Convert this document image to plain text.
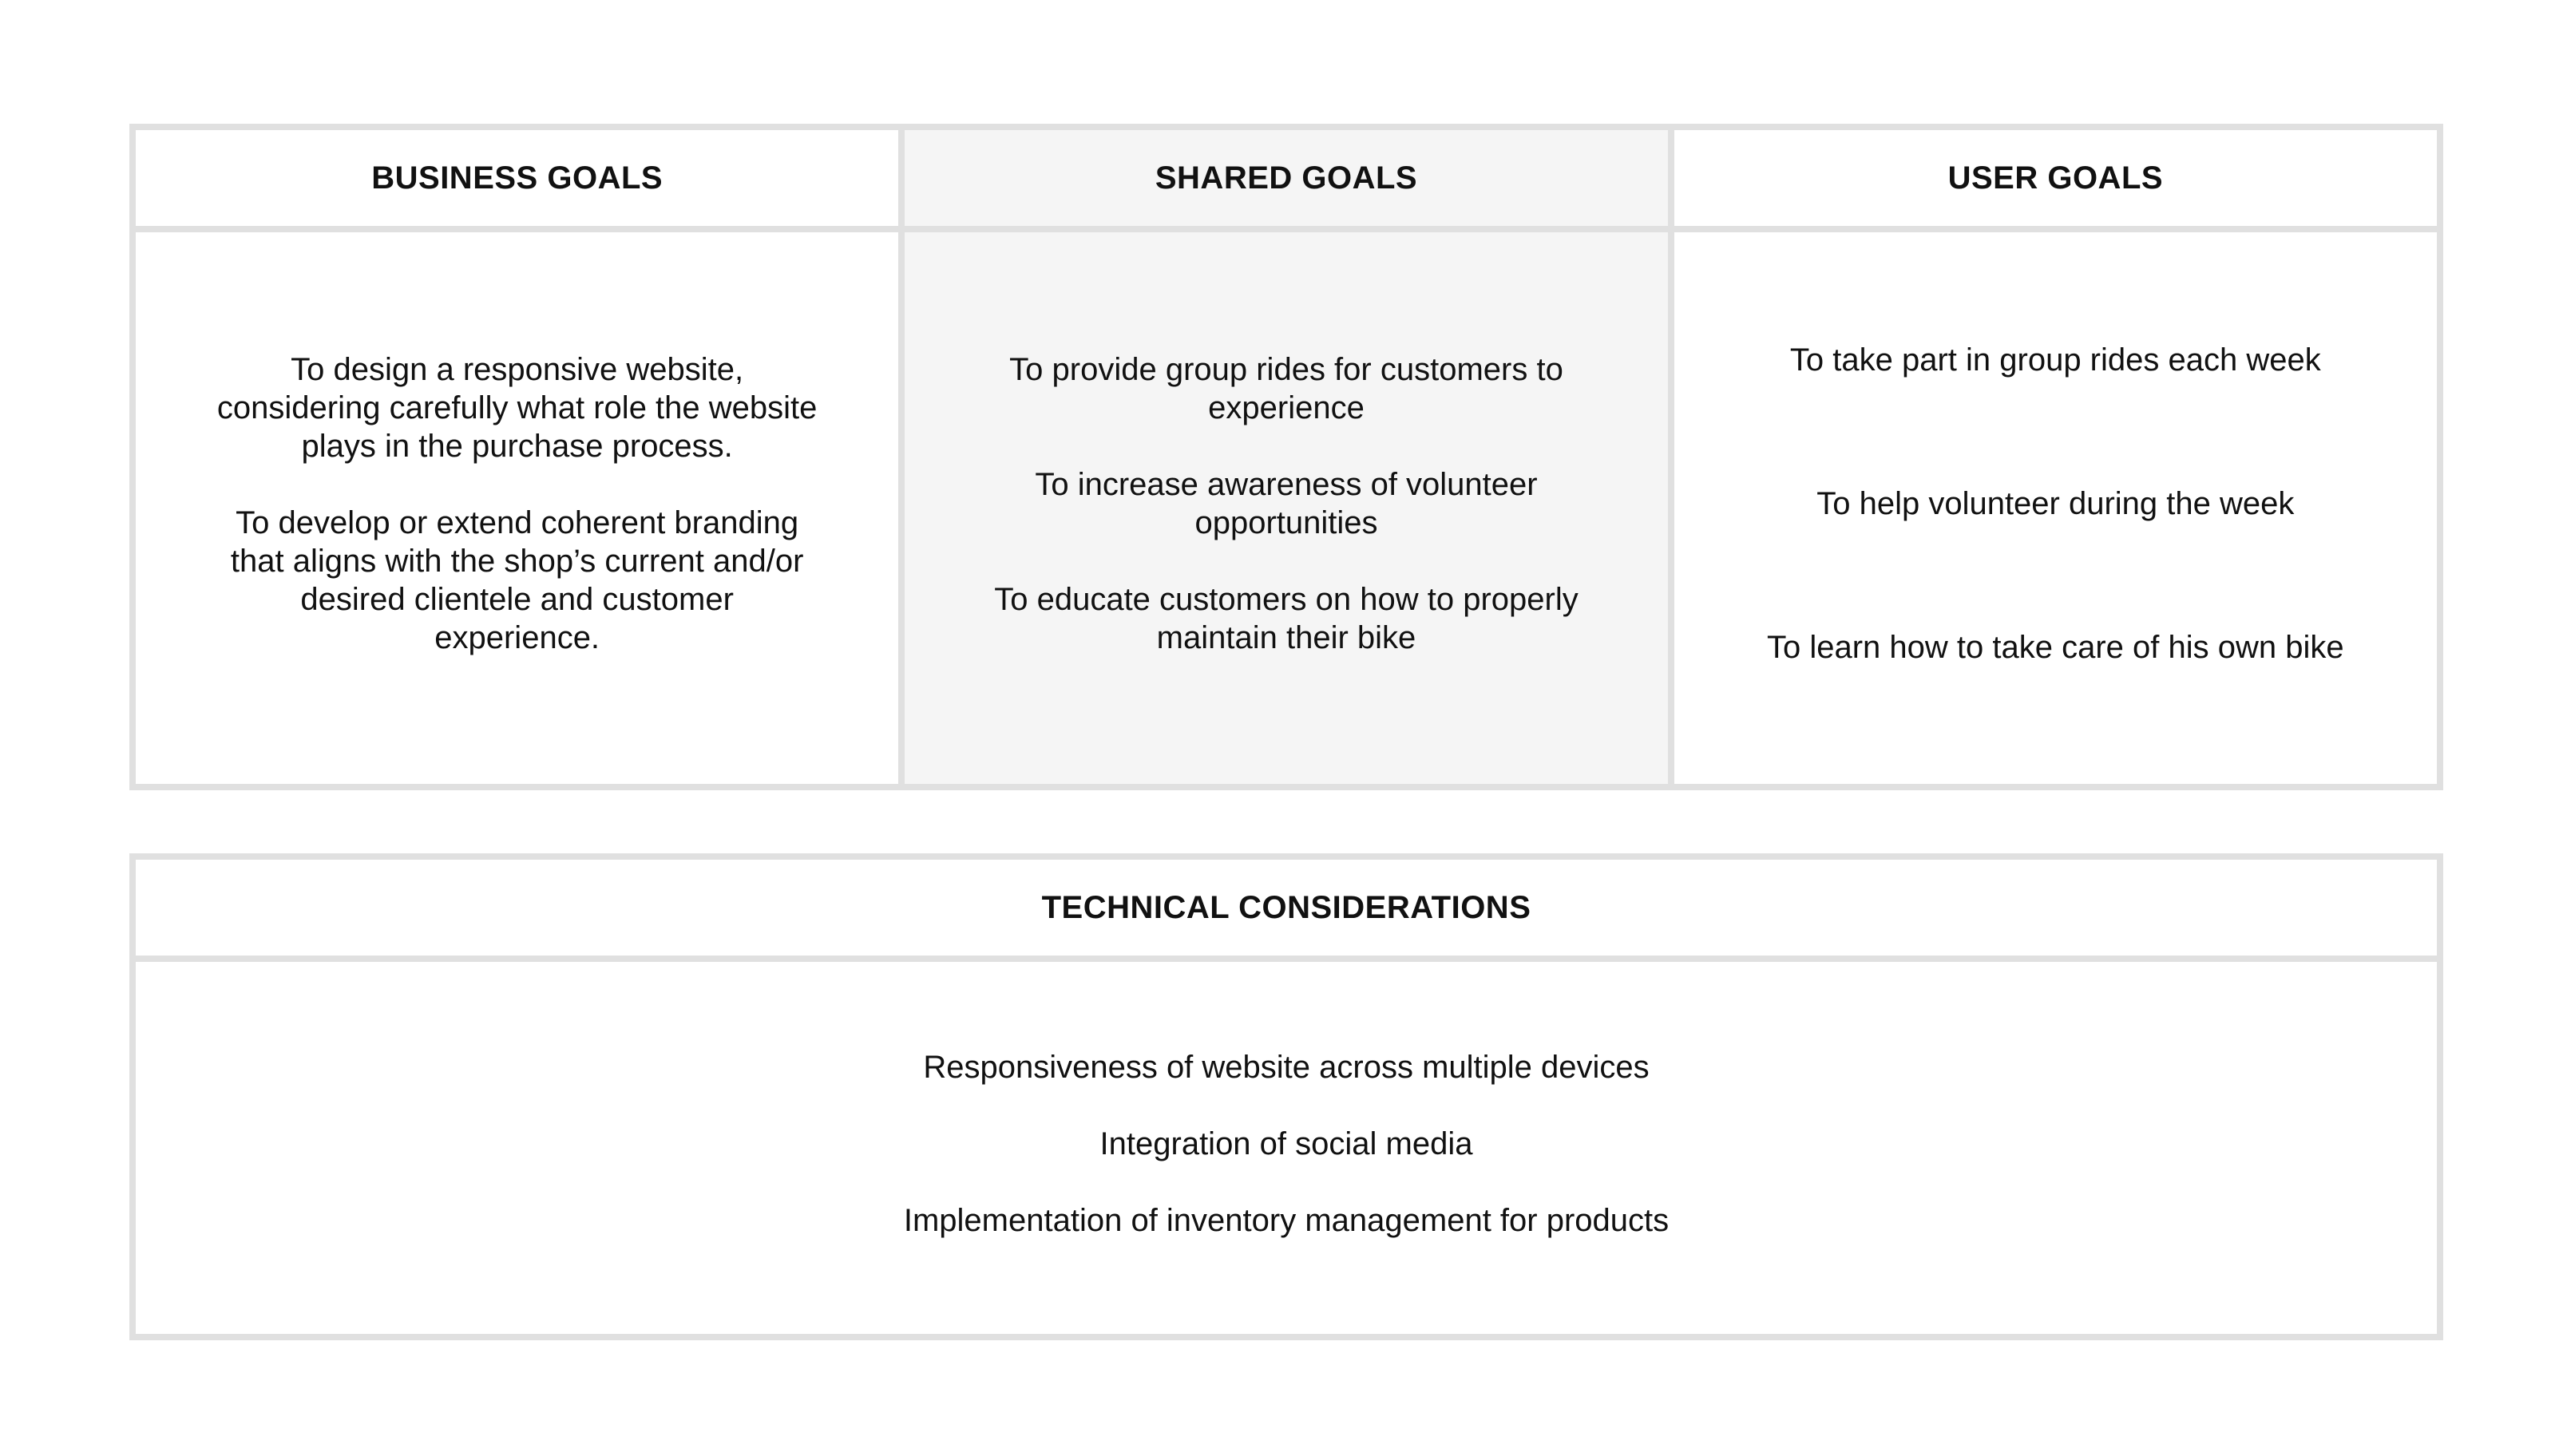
BUSINESS GOALS	SHARED GOALS	USER GOALS
To design a responsive website, considering carefully what role the website plays in the purchase process.
To develop or extend coherent branding that aligns with the shop’s current and/or desired clientele and customer experience.
To provide group rides for customers to experience
To increase awareness of volunteer opportunities
To educate customers on how to properly maintain their bike
To take part in group rides each week
To help volunteer during the week
To learn how to take care of his own bike
TECHNICAL CONSIDERATIONS
Responsiveness of website across multiple devices
Integration of social media
Implementation of inventory management for products
